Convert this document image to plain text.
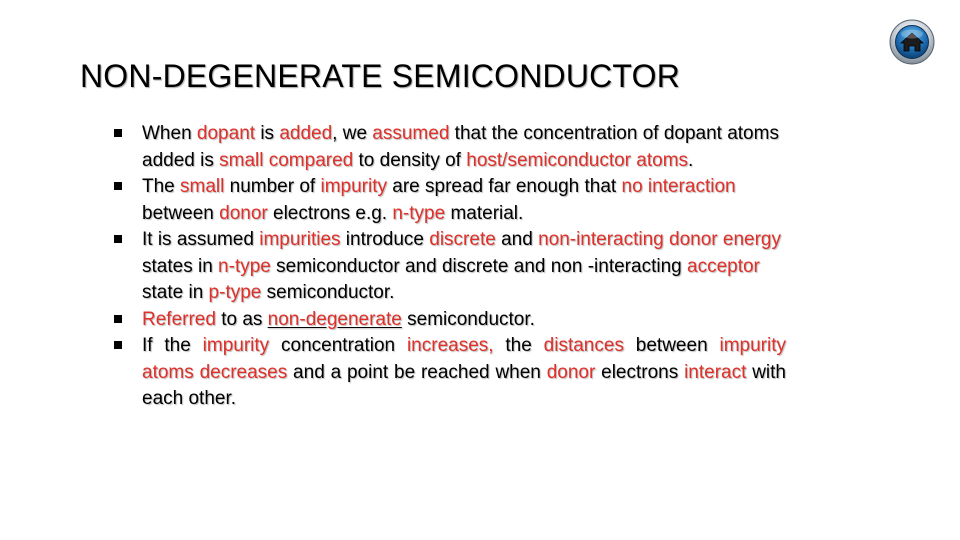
NON-DEGENERATE SEMICONDUCTOR
When dopant is added, we assumed that the concentration of dopant atoms added is small compared to density of host/semiconductor atoms.
The small number of impurity are spread far enough that no interaction between donor electrons e.g. n-type material.
It is assumed impurities introduce discrete and non-interacting donor energy states in n-type semiconductor and discrete and non -interacting acceptor state in p-type semiconductor.
Referred to as non-degenerate semiconductor.
If the impurity concentration increases, the distances between impurity atoms decreases and a point be reached when donor electrons interact with each other.
